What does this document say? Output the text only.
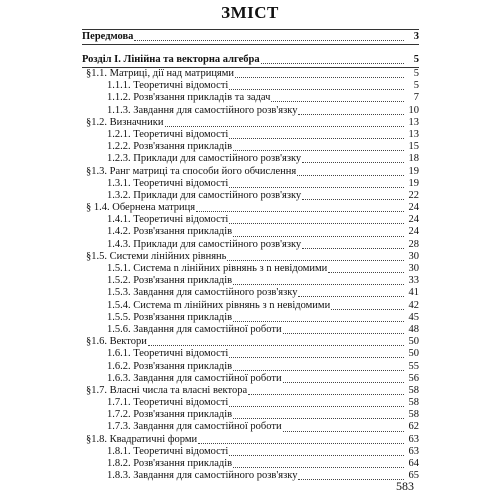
ЗМІСТ
Передмова	3
Розділ I. Лінійна та векторна алгебра	5
§1.1. Матриці, дії над матрицями	5
1.1.1. Теоретичні відомості	5
1.1.2. Розв'язання прикладів та задач	7
1.1.3. Завдання для самостійного розв'язку	10
§1.2. Визначники	13
1.2.1. Теоретичні відомості	13
1.2.2. Розв'язання прикладів	15
1.2.3. Приклади для самостійного розв'язку	18
§1.3. Ранг матриці та способи його обчислення	19
1.3.1. Теоретичні відомості	19
1.3.2. Приклади для самостійного розв'язку	22
§ 1.4. Обернена матриця	24
1.4.1. Теоретичні відомості	24
1.4.2. Розв'язання прикладів	24
1.4.3. Приклади для самостійного розв'язку	28
§1.5. Системи лінійних рівнянь	30
1.5.1. Система n лінійних рівнянь з n невідомими	30
1.5.2. Розв'язання прикладів	33
1.5.3. Завдання для самостійного розв'язку	41
1.5.4. Система m лінійних рівнянь з n невідомими	42
1.5.5. Розв'язання прикладів	45
1.5.6. Завдання для самостійної роботи	48
§1.6. Вектори	50
1.6.1. Теоретичні відомості	50
1.6.2. Розв'язання прикладів	55
1.6.3. Завдання для самостійної роботи	56
§1.7. Власні числа та власні вектора	58
1.7.1. Теоретичні відомості	58
1.7.2. Розв'язання прикладів	58
1.7.3. Завдання для самостійної роботи	62
§1.8. Квадратичні форми	63
1.8.1. Теоретичні відомості	63
1.8.2. Розв'язання прикладів	64
1.8.3. Завдання для самостійного розв'язку	65
583
